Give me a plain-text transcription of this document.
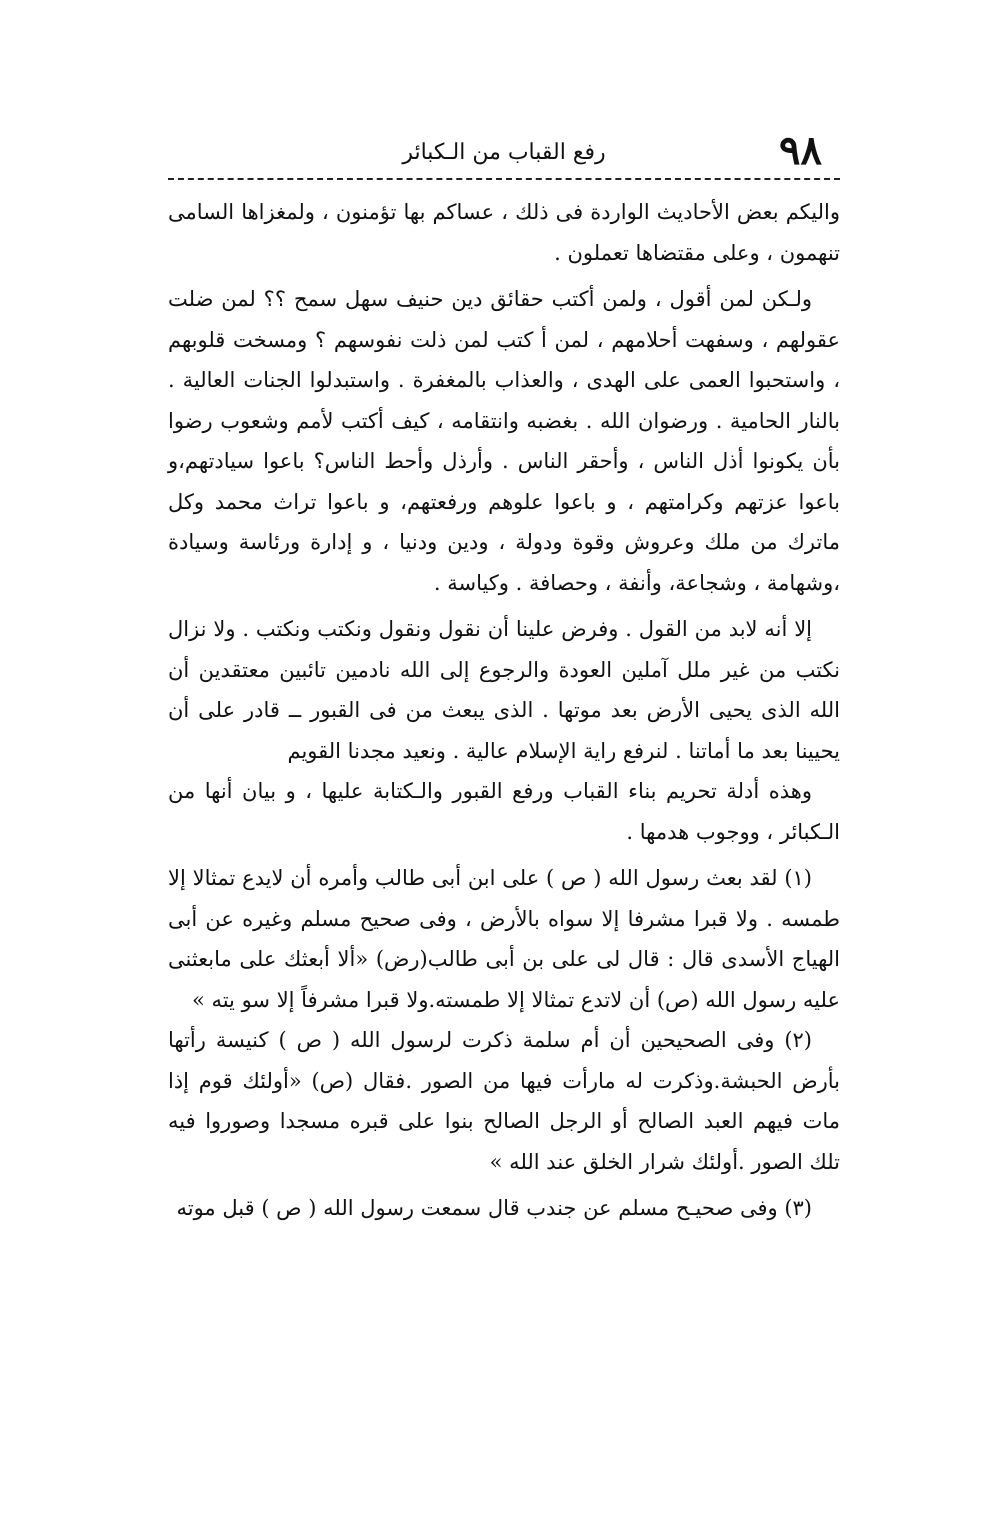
٩٨
رفع القباب من الـكبائر

واليكم بعض الأحاديث الواردة فى ذلك ، عساكم بها تؤمنون ، ولمغزاها السامى تنهمون ، وعلى مقتضاها تعملون .

ولـكن لمن أقول ، ولمن أكتب حقائق دين حنيف سهل سمح ؟؟ لمن ضلت عقولهم ، وسفهت أحلامهم ، لمن أ كتب لمن ذلت نفوسهم ؟ ومسخت قلوبهم ، واستحبوا العمى على الهدى ، والعذاب بالمغفرة . واستبدلوا الجنات العالية . بالنار الحامية . ورضوان الله . بغضبه وانتقامه ، كيف أكتب لأمم وشعوب رضوا بأن يكونوا أذل الناس ، وأحقر الناس . وأرذل وأحط الناس؟ باعوا سيادتهم،و باعوا عزتهم وكرامتهم ، و باعوا علوهم ورفعتهم، و باعوا تراث محمد وكل ماترك من ملك وعروش وقوة ودولة ، ودين ودنيا ، و إدارة ورئاسة وسيادة ،وشهامة ، وشجاعة، وأنفة ، وحصافة . وكياسة .

إلا أنه لابد من القول . وفرض علينا أن نقول ونقول ونكتب ونكتب . ولا نزال نكتب من غير ملل آملين العودة والرجوع إلى الله نادمين تائبين معتقدين أن الله الذى يحيى الأرض بعد موتها . الذى يبعث من فى القبور ــ قادر على أن يحيينا بعد ما أماتنا . لنرفع راية الإسلام عالية . ونعيد مجدنا القويم

وهذه أدلة تحريم بناء القباب ورفع القبور والـكتابة عليها ، و بيان أنها من الـكبائر ، ووجوب هدمها .

(١) لقد بعث رسول الله ( ص ) على ابن أبى طالب وأمره أن لايدع تمثالا إلا طمسه . ولا قبرا مشرفا إلا سواه بالأرض ، وفى صحيح مسلم وغيره عن أبى الهياج الأسدى قال : قال لى على بن أبى طالب(رض) «ألا أبعثك على مابعثنى عليه رسول الله (ص) أن لاتدع تمثالا إلا طمسته.ولا قبرا مشرفاً إلا سو يته »

(٢) وفى الصحيحين أن أم سلمة ذكرت لرسول الله ( ص ) كنيسة رأتها بأرض الحبشة.وذكرت له مارأت فيها من الصور .فقال (ص) «أولئك قوم إذا مات فيهم العبد الصالح أو الرجل الصالح بنوا على قبره مسجدا وصوروا فيه تلك الصور .أولئك شرار الخلق عند الله »

(٣) وفى صحيـح مسلم عن جندب قال سمعت رسول الله ( ص ) قبل موته
